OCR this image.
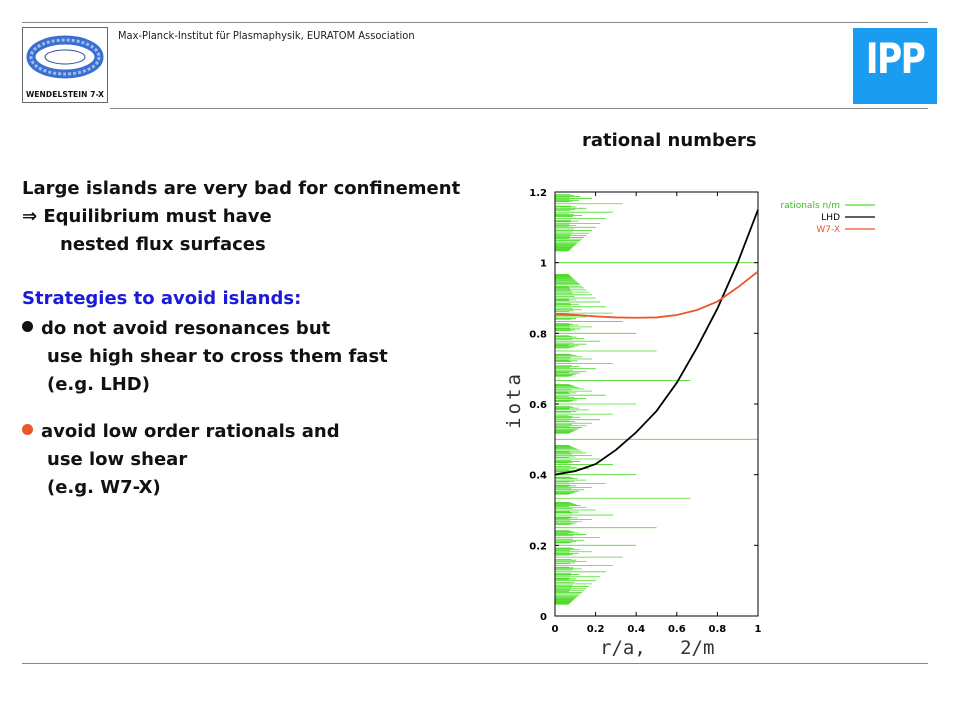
WENDELSTEIN 7-X
Max-Planck-Institut für Plasmaphysik, EURATOM Association	IPP
rational numbers
Large islands are very bad for confinement
⇒ Equilibrium must have
nested flux surfaces
Strategies to avoid islands:
do not avoid resonances but
use high shear to cross them fast
(e.g. LHD)
avoid low order rationals and
use low shear
(e.g. W7-X)
0	0.2 0.4 0.6 0.8	1
0
0.2
0.4
0.6
0.8
1
1.2
r/a,   2/m
iota
rationals n/m
LHD
W7-X
